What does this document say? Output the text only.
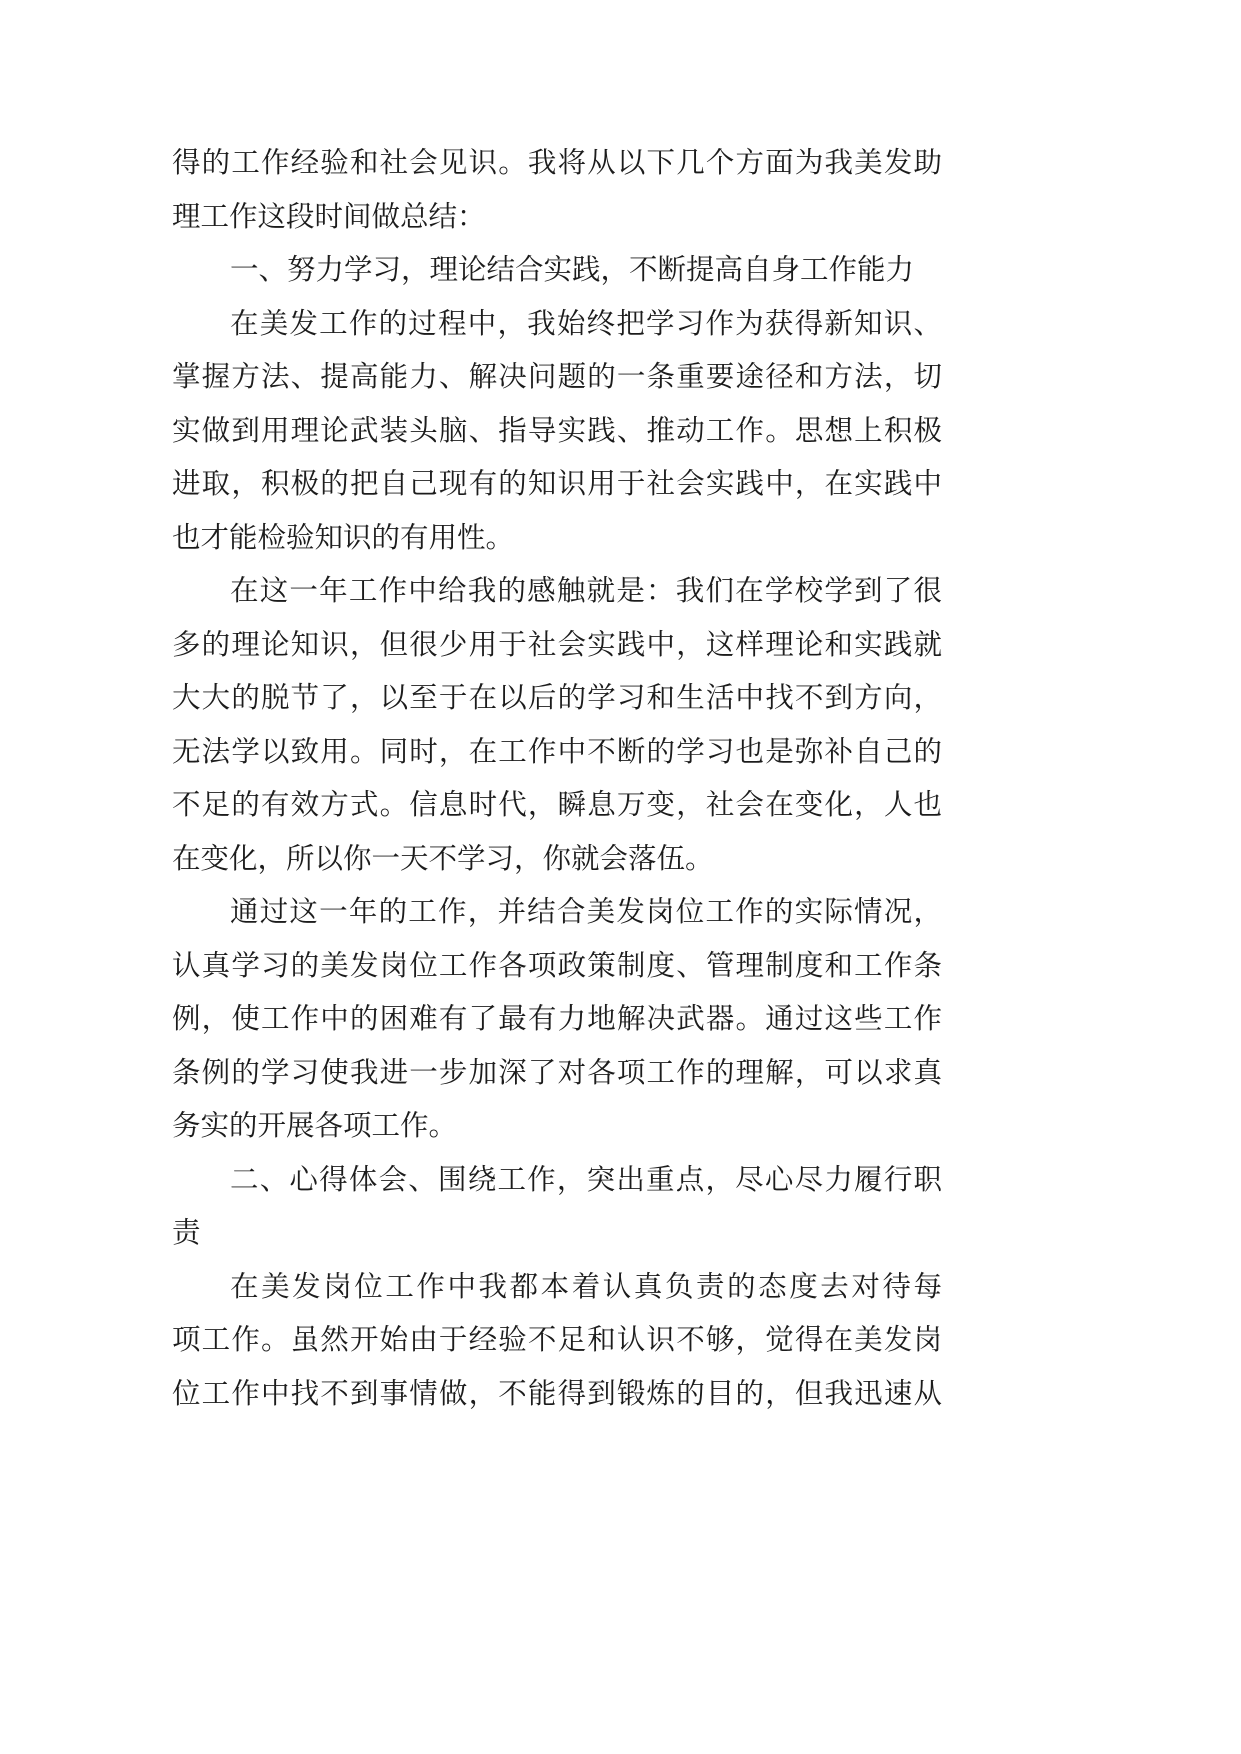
得的工作经验和社会见识。我将从以下几个方面为我美发助
理工作这段时间做总结：
一、努力学习，理论结合实践，不断提高自身工作能力
在美发工作的过程中，我始终把学习作为获得新知识、
掌握方法、提高能力、解决问题的一条重要途径和方法，切
实做到用理论武装头脑、指导实践、推动工作。思想上积极
进取，积极的把自己现有的知识用于社会实践中，在实践中
也才能检验知识的有用性。
在这一年工作中给我的感触就是：我们在学校学到了很
多的理论知识，但很少用于社会实践中，这样理论和实践就
大大的脱节了，以至于在以后的学习和生活中找不到方向，
无法学以致用。同时，在工作中不断的学习也是弥补自己的
不足的有效方式。信息时代，瞬息万变，社会在变化，人也
在变化，所以你一天不学习，你就会落伍。
通过这一年的工作，并结合美发岗位工作的实际情况，
认真学习的美发岗位工作各项政策制度、管理制度和工作条
例，使工作中的困难有了最有力地解决武器。通过这些工作
条例的学习使我进一步加深了对各项工作的理解，可以求真
务实的开展各项工作。
二、心得体会、围绕工作，突出重点，尽心尽力履行职
责
在美发岗位工作中我都本着认真负责的态度去对待每
项工作。虽然开始由于经验不足和认识不够，觉得在美发岗
位工作中找不到事情做，不能得到锻炼的目的，但我迅速从
